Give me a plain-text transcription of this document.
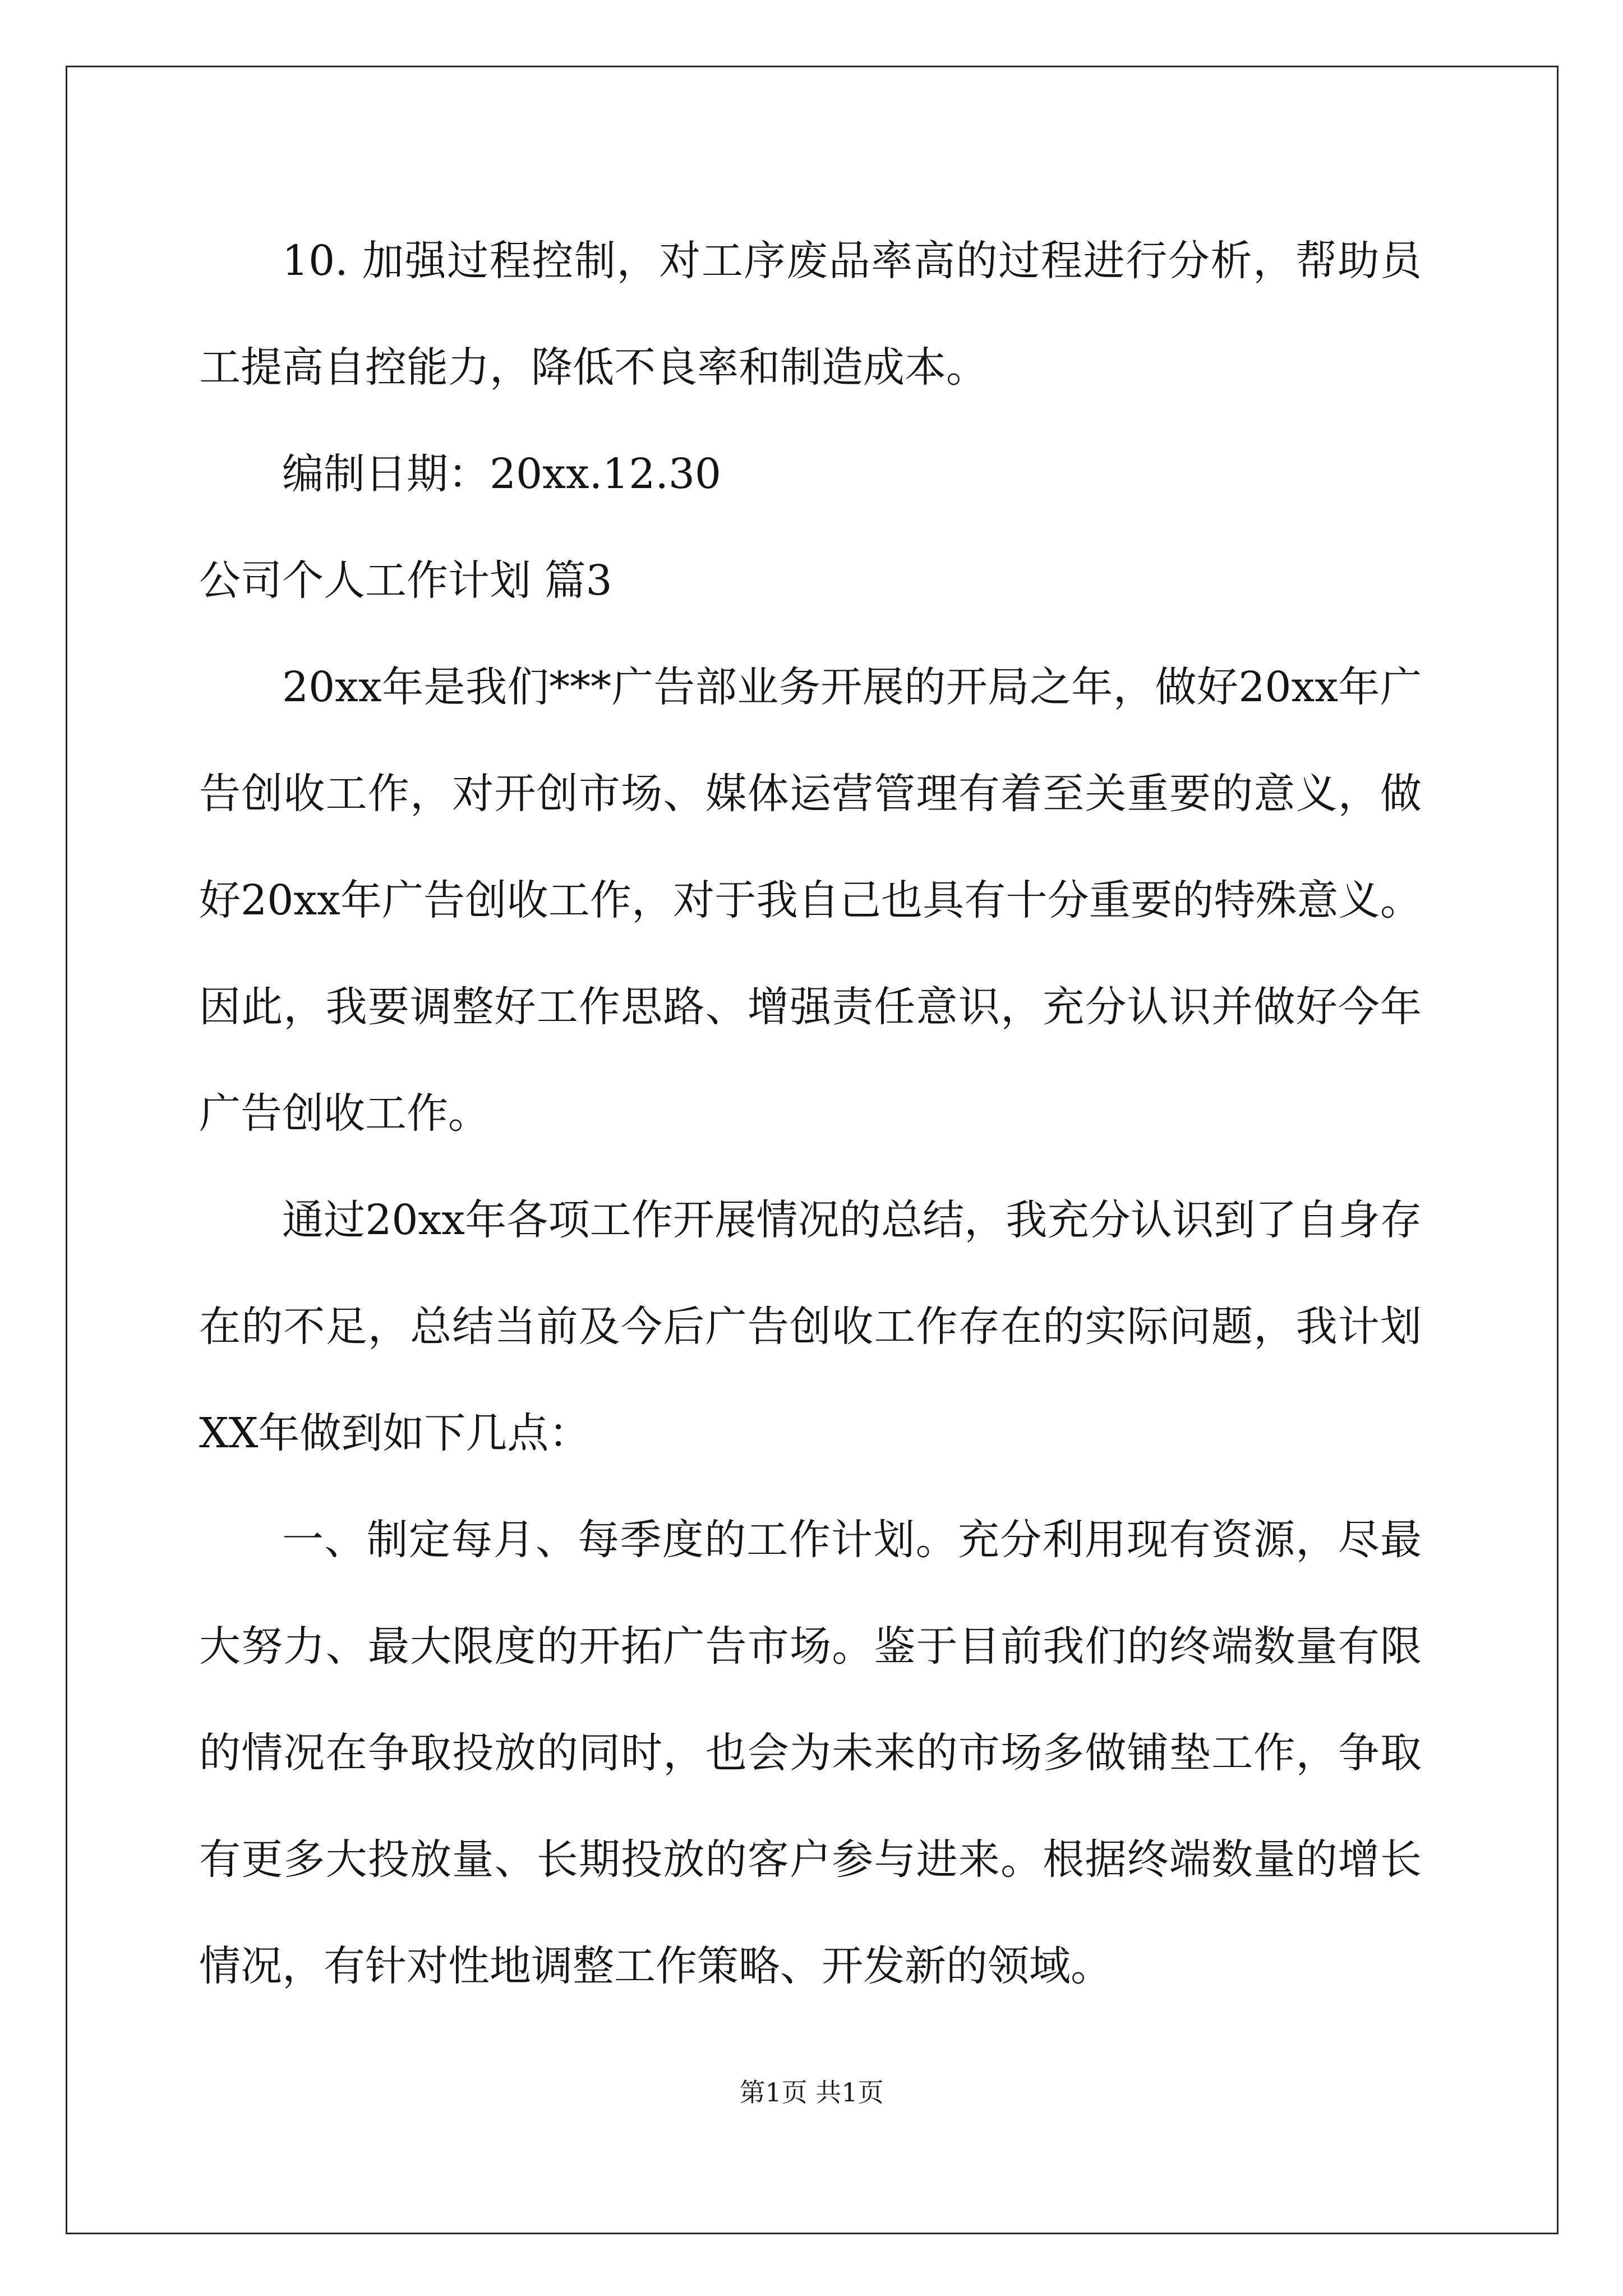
10. 加强过程控制，对工序废品率高的过程进行分析，帮助员工提高自控能力，降低不良率和制造成本。

编制日期：20xx.12.30

公司个人工作计划 篇3

20xx年是我们***广告部业务开展的开局之年，做好20xx年广告创收工作，对开创市场、媒体运营管理有着至关重要的意义，做好20xx年广告创收工作，对于我自己也具有十分重要的特殊意义。因此，我要调整好工作思路、增强责任意识，充分认识并做好今年广告创收工作。

通过20xx年各项工作开展情况的总结，我充分认识到了自身存在的不足，总结当前及今后广告创收工作存在的实际问题，我计划XX年做到如下几点：

一、制定每月、每季度的工作计划。充分利用现有资源，尽最大努力、最大限度的开拓广告市场。鉴于目前我们的终端数量有限的情况在争取投放的同时，也会为未来的市场多做铺垫工作，争取有更多大投放量、长期投放的客户参与进来。根据终端数量的增长情况，有针对性地调整工作策略、开发新的领域。

第1页 共1页
